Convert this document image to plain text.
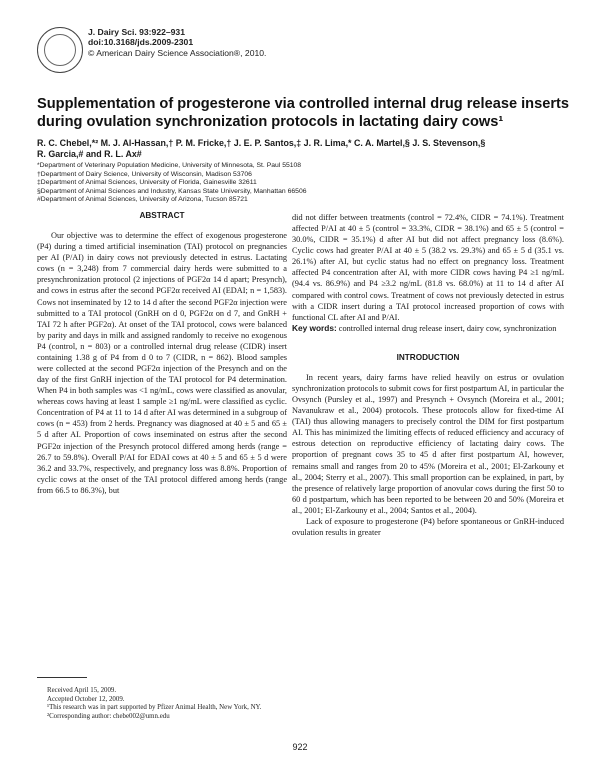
J. Dairy Sci. 93:922–931
doi:10.3168/jds.2009-2301
© American Dairy Science Association®, 2010.
Supplementation of progesterone via controlled internal drug release inserts during ovulation synchronization protocols in lactating dairy cows¹
R. C. Chebel,*² M. J. Al-Hassan,† P. M. Fricke,† J. E. P. Santos,‡ J. R. Lima,* C. A. Martel,§ J. S. Stevenson,§
R. Garcia,# and R. L. Ax#
*Department of Veterinary Population Medicine, University of Minnesota, St. Paul 55108
†Department of Dairy Science, University of Wisconsin, Madison 53706
‡Department of Animal Sciences, University of Florida, Gainesville 32611
§Department of Animal Sciences and Industry, Kansas State University, Manhattan 66506
#Department of Animal Sciences, University of Arizona, Tucson 85721
ABSTRACT

Our objective was to determine the effect of exogenous progesterone (P4) during a timed artificial insemination (TAI) protocol on pregnancies per AI (P/AI) in dairy cows not previously detected in estrus. Lactating cows (n = 3,248) from 7 commercial dairy herds were submitted to a presynchronization protocol (2 injections of PGF2α 14 d apart; Presynch), and cows in estrus after the second PGF2α received AI (EDAI; n = 1,583). Cows not inseminated by 12 to 14 d after the second PGF2α injection were submitted to a TAI protocol (GnRH on d 0, PGF2α on d 7, and GnRH + TAI 72 h after PGF2α). At onset of the TAI protocol, cows were balanced by parity and days in milk and assigned randomly to receive no exogenous P4 (control, n = 803) or a controlled internal drug release (CIDR) insert containing 1.38 g of P4 from d 0 to 7 (CIDR, n = 862). Blood samples were collected at the second PGF2α injection of the Presynch and on the day of the first GnRH injection of the TAI protocol for P4 determination. When P4 in both samples was <1 ng/mL, cows were classified as anovular, whereas cows having at least 1 sample ≥1 ng/mL were classified as cyclic. Concentration of P4 at 11 to 14 d after AI was determined in a subgroup of cows (n = 453) from 2 herds. Pregnancy was diagnosed at 40 ± 5 and 65 ± 5 d after AI. Proportion of cows inseminated on estrus after the second PGF2α injection of the Presynch protocol differed among herds (range = 26.7 to 59.8%). Overall P/AI for EDAI cows at 40 ± 5 and 65 ± 5 d were 36.2 and 33.7%, respectively, and pregnancy loss was 8.8%. Proportion of cyclic cows at the onset of the TAI protocol differed among herds (range from 66.5 to 86.3%), but

did not differ between treatments (control = 72.4%, CIDR = 74.1%). Treatment affected P/AI at 40 ± 5 (control = 33.3%, CIDR = 38.1%) and 65 ± 5 (control = 30.0%, CIDR = 35.1%) d after AI but did not affect pregnancy loss (8.6%). Cyclic cows had greater P/AI at 40 ± 5 (38.2 vs. 29.3%) and 65 ± 5 d (35.1 vs. 26.1%) after AI, but cyclic status had no effect on pregnancy loss. Treatment affected P4 concentration after AI, with more CIDR cows having P4 ≥1 ng/mL (94.4 vs. 86.9%) and P4 ≥3.2 ng/mL (81.8 vs. 68.0%) at 11 to 14 d after AI compared with control cows. Treatment of cows not previously detected in estrus with a CIDR insert during a TAI protocol increased proportion of cows with functional CL after AI and P/AI.

Key words: controlled internal drug release insert, dairy cow, synchronization

INTRODUCTION

In recent years, dairy farms have relied heavily on estrus or ovulation synchronization protocols to submit cows for first postpartum AI, in particular the Ovsynch (Pursley et al., 1997) and Presynch + Ovsynch (Moreira et al., 2001; Navanukraw et al., 2004) protocols. These protocols allow for fixed-time AI (TAI) thus allowing managers to precisely control the DIM for first postpartum AI. This has minimized the limiting effects of reduced efficiency and accuracy of estrous detection on reproductive efficiency of lactating dairy cows. The proportion of pregnant cows 35 to 45 d after first postpartum AI, however, remains small and ranges from 20 to 45% (Moreira et al., 2001; El-Zarkouny et al., 2004; Sterry et al., 2007). This small proportion can be explained, in part, by the presence of relatively large proportion of anovular cows during the first 50 to 60 d postpartum, which has been reported to be between 20 and 50% (Moreira et al., 2001; El-Zarkouny et al., 2004; Santos et al., 2004).

Lack of exposure to progesterone (P4) before spontaneous or GnRH-induced ovulation results in greater

Received April 15, 2009.
Accepted October 12, 2009.
¹This research was in part supported by Pfizer Animal Health, New York, NY.
²Corresponding author: chebe002@umn.edu
922
